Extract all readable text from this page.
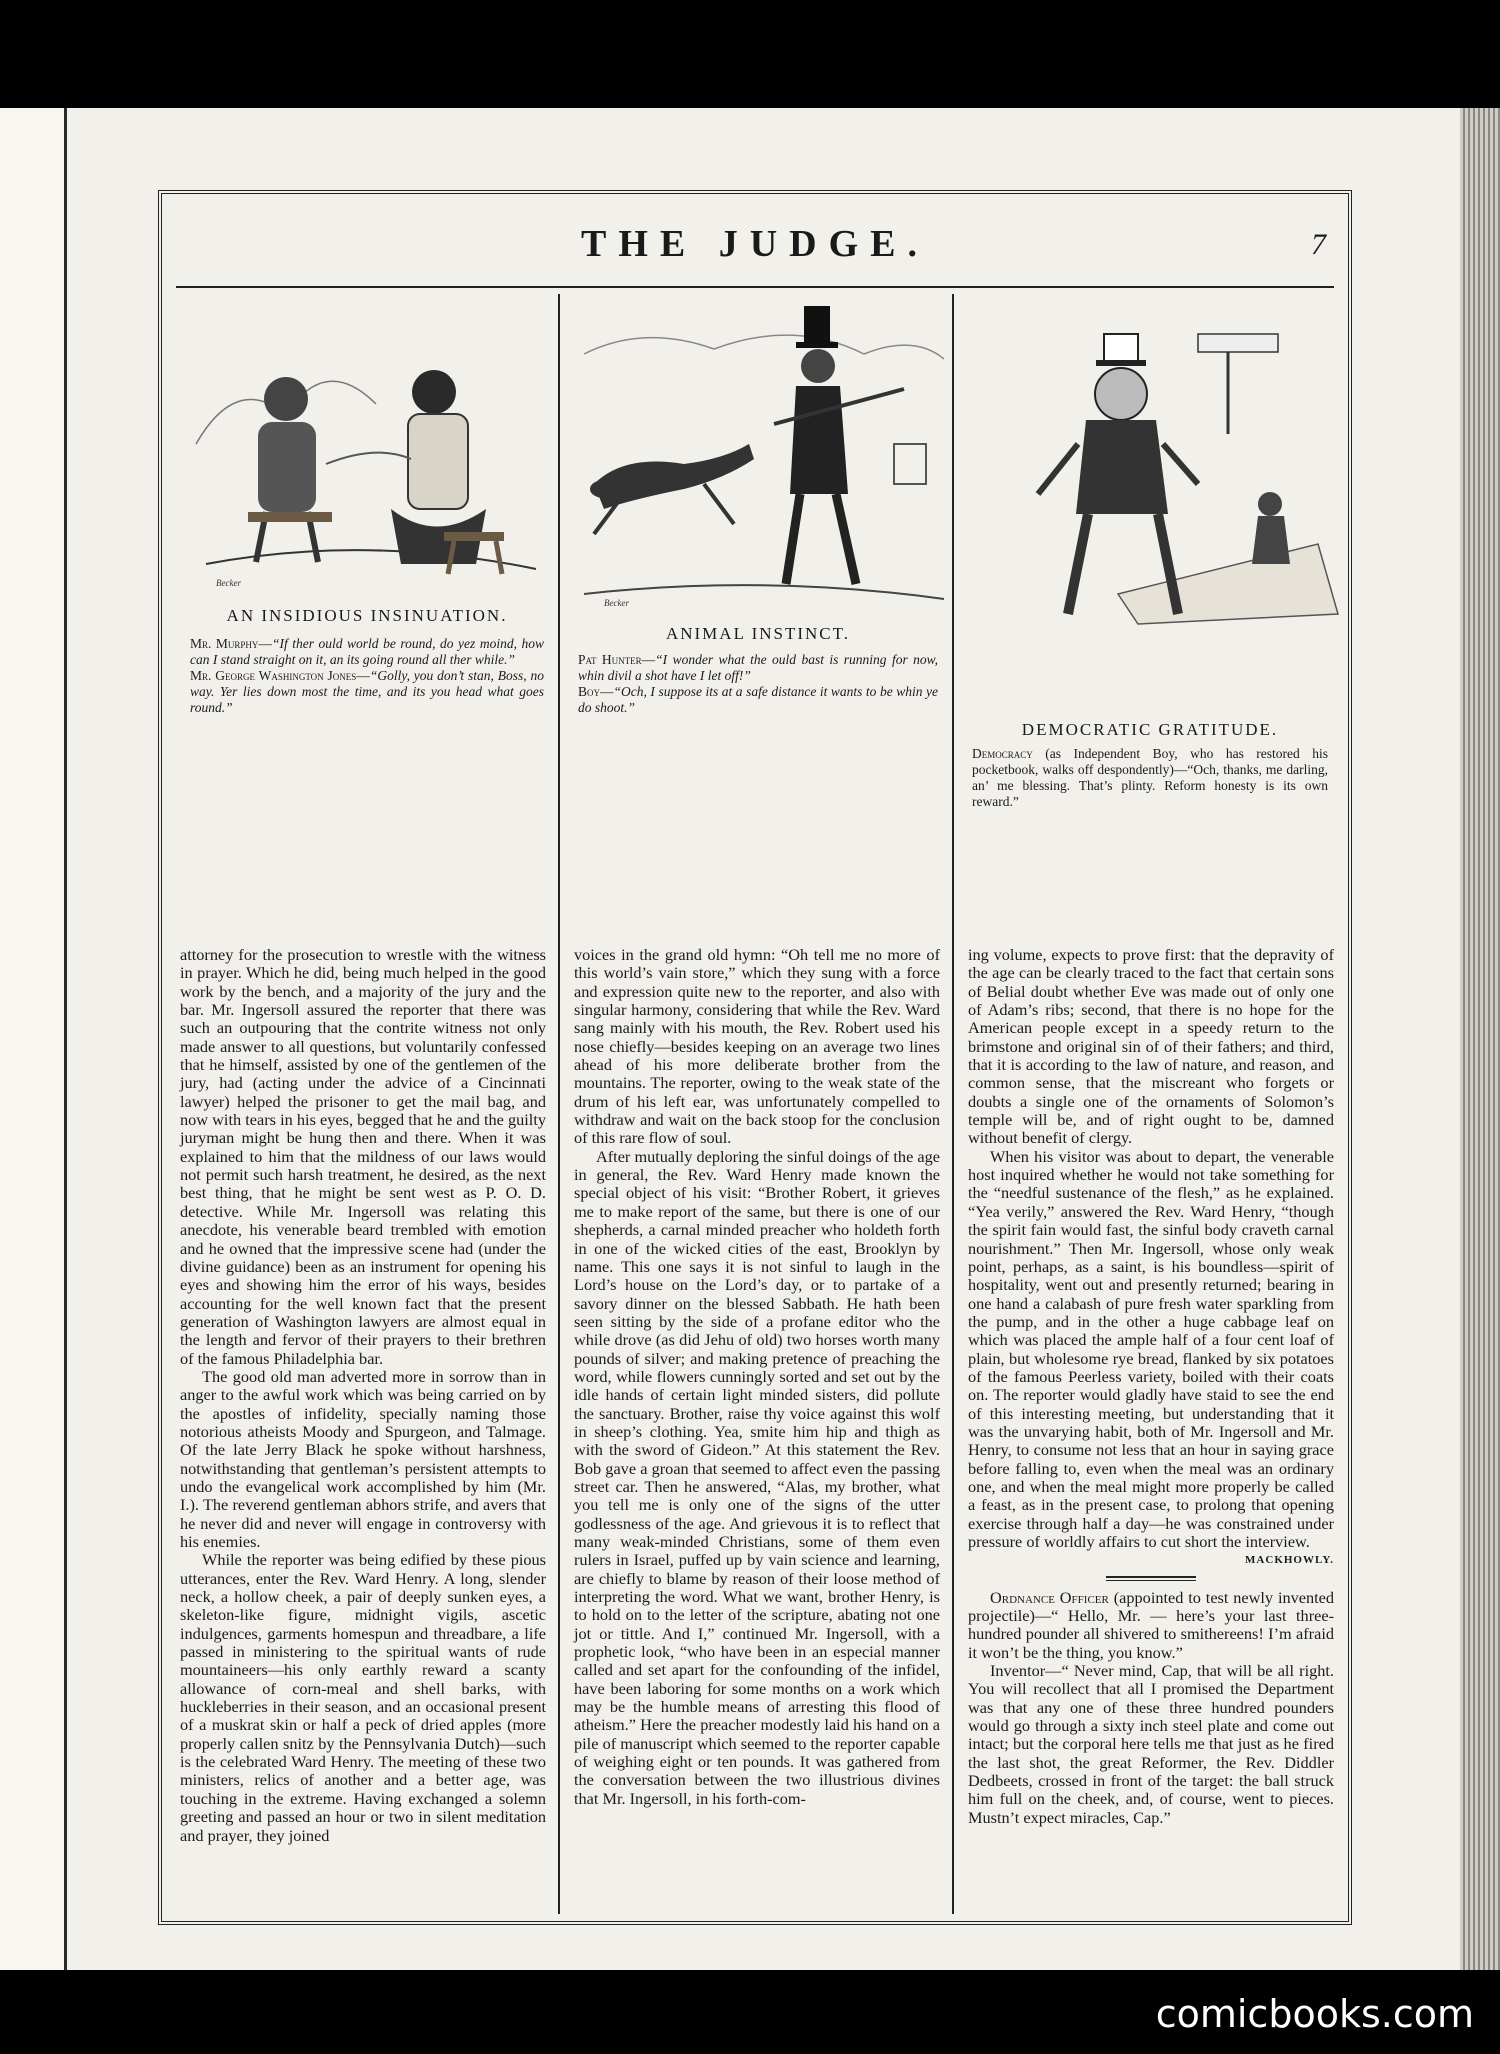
THE JUDGE.	7
Becker
AN INSIDIOUS INSINUATION.

Mr. Murphy—“If ther ould world be round, do yez moind, how can I stand straight on it, an its going round all ther while.”

Mr. George Washington Jones—“Golly, you don’t stan, Boss, no way. Yer lies down most the time, and its you head what goes round.”

Becker
ANIMAL INSTINCT.

Pat Hunter—“I wonder what the ould bast is running for now, whin divil a shot have I let off!”

Boy—“Och, I suppose its at a safe distance it wants to be whin ye do shoot.”

DEMOCRATIC GRATITUDE.

Democracy (as Independent Boy, who has restored his pocketbook, walks off despondently)—“Och, thanks, me darling, an’ me blessing. That’s plinty. Reform honesty is its own reward.”

attorney for the prosecution to wrestle with the witness in prayer. Which he did, being much helped in the good work by the bench, and a majority of the jury and the bar. Mr. Ingersoll assured the reporter that there was such an outpouring that the contrite witness not only made answer to all questions, but voluntarily confessed that he himself, assisted by one of the gentlemen of the jury, had (acting under the advice of a Cincinnati lawyer) helped the prisoner to get the mail bag, and now with tears in his eyes, begged that he and the guilty juryman might be hung then and there. When it was explained to him that the mildness of our laws would not permit such harsh treatment, he desired, as the next best thing, that he might be sent west as P. O. D. detective. While Mr. Ingersoll was relating this anecdote, his venerable beard trembled with emotion and he owned that the impressive scene had (under the divine guidance) been as an instrument for opening his eyes and showing him the error of his ways, besides accounting for the well known fact that the present generation of Washington lawyers are almost equal in the length and fervor of their prayers to their brethren of the famous Philadelphia bar.

The good old man adverted more in sorrow than in anger to the awful work which was being carried on by the apostles of infidelity, specially naming those notorious atheists Moody and Spurgeon, and Talmage. Of the late Jerry Black he spoke without harshness, notwithstanding that gentleman’s persistent attempts to undo the evangelical work accomplished by him (Mr. I.). The reverend gentleman abhors strife, and avers that he never did and never will engage in controversy with his enemies.

While the reporter was being edified by these pious utterances, enter the Rev. Ward Henry. A long, slender neck, a hollow cheek, a pair of deeply sunken eyes, a skeleton-like figure, midnight vigils, ascetic indulgences, garments homespun and threadbare, a life passed in ministering to the spiritual wants of rude mountaineers—his only earthly reward a scanty allowance of corn-meal and shell barks, with huckleberries in their season, and an occasional present of a muskrat skin or half a peck of dried apples (more properly callen snitz by the Pennsylvania Dutch)—such is the celebrated Ward Henry. The meeting of these two ministers, relics of another and a better age, was touching in the extreme. Having exchanged a solemn greeting and passed an hour or two in silent meditation and prayer, they joined

voices in the grand old hymn: “Oh tell me no more of this world’s vain store,” which they sung with a force and expression quite new to the reporter, and also with singular harmony, considering that while the Rev. Ward sang mainly with his mouth, the Rev. Robert used his nose chiefly—besides keeping on an average two lines ahead of his more deliberate brother from the mountains. The reporter, owing to the weak state of the drum of his left ear, was unfortunately compelled to withdraw and wait on the back stoop for the conclusion of this rare flow of soul.

After mutually deploring the sinful doings of the age in general, the Rev. Ward Henry made known the special object of his visit: “Brother Robert, it grieves me to make report of the same, but there is one of our shepherds, a carnal minded preacher who holdeth forth in one of the wicked cities of the east, Brooklyn by name. This one says it is not sinful to laugh in the Lord’s house on the Lord’s day, or to partake of a savory dinner on the blessed Sabbath. He hath been seen sitting by the side of a profane editor who the while drove (as did Jehu of old) two horses worth many pounds of silver; and making pretence of preaching the word, while flowers cunningly sorted and set out by the idle hands of certain light minded sisters, did pollute the sanctuary. Brother, raise thy voice against this wolf in sheep’s clothing. Yea, smite him hip and thigh as with the sword of Gideon.” At this statement the Rev. Bob gave a groan that seemed to affect even the passing street car. Then he answered, “Alas, my brother, what you tell me is only one of the signs of the utter godlessness of the age. And grievous it is to reflect that many weak-minded Christians, some of them even rulers in Israel, puffed up by vain science and learning, are chiefly to blame by reason of their loose method of interpreting the word. What we want, brother Henry, is to hold on to the letter of the scripture, abating not one jot or tittle. And I,” continued Mr. Ingersoll, with a prophetic look, “who have been in an especial manner called and set apart for the confounding of the infidel, have been laboring for some months on a work which may be the humble means of arresting this flood of atheism.” Here the preacher modestly laid his hand on a pile of manuscript which seemed to the reporter capable of weighing eight or ten pounds. It was gathered from the conversation between the two illustrious divines that Mr. Ingersoll, in his forth-com-

ing volume, expects to prove first: that the depravity of the age can be clearly traced to the fact that certain sons of Belial doubt whether Eve was made out of only one of Adam’s ribs; second, that there is no hope for the American people except in a speedy return to the brimstone and original sin of of their fathers; and third, that it is according to the law of nature, and reason, and common sense, that the miscreant who forgets or doubts a single one of the ornaments of Solomon’s temple will be, and of right ought to be, damned without benefit of clergy.

When his visitor was about to depart, the venerable host inquired whether he would not take something for the “needful sustenance of the flesh,” as he explained. “Yea verily,” answered the Rev. Ward Henry, “though the spirit fain would fast, the sinful body craveth carnal nourishment.” Then Mr. Ingersoll, whose only weak point, perhaps, as a saint, is his boundless—spirit of hospitality, went out and presently returned; bearing in one hand a calabash of pure fresh water sparkling from the pump, and in the other a huge cabbage leaf on which was placed the ample half of a four cent loaf of plain, but wholesome rye bread, flanked by six potatoes of the famous Peerless variety, boiled with their coats on. The reporter would gladly have staid to see the end of this interesting meeting, but understanding that it was the unvarying habit, both of Mr. Ingersoll and Mr. Henry, to consume not less that an hour in saying grace before falling to, even when the meal was an ordinary one, and when the meal might more properly be called a feast, as in the present case, to prolong that opening exercise through half a day—he was constrained under pressure of worldly affairs to cut short the interview.

MACKHOWLY.

Ordnance Officer (appointed to test newly invented projectile)—“ Hello, Mr. — here’s your last three-hundred pounder all shivered to smithereens! I’m afraid it won’t be the thing, you know.”

Inventor—“ Never mind, Cap, that will be all right. You will recollect that all I promised the Department was that any one of these three hundred pounders would go through a sixty inch steel plate and come out intact; but the corporal here tells me that just as he fired the last shot, the great Reformer, the Rev. Diddler Dedbeets, crossed in front of the target: the ball struck him full on the cheek, and, of course, went to pieces. Mustn’t expect miracles, Cap.”

comicbooks.com
